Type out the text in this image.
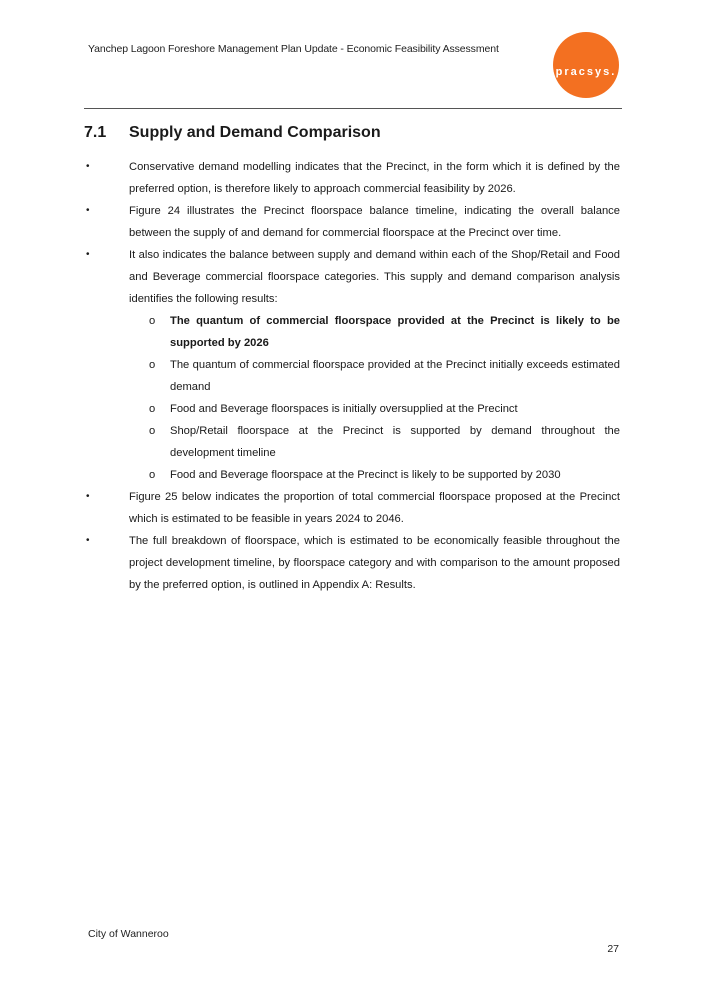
Yanchep Lagoon Foreshore Management Plan Update - Economic Feasibility Assessment
pracsys.
7.1 Supply and Demand Comparison
•	Conservative demand modelling indicates that the Precinct, in the form which it is defined by the preferred option, is therefore likely to approach commercial feasibility by 2026.
•	Figure 24 illustrates the Precinct floorspace balance timeline, indicating the overall balance between the supply of and demand for commercial floorspace at the Precinct over time.
•	It also indicates the balance between supply and demand within each of the Shop/Retail and Food and Beverage commercial floorspace categories. This supply and demand comparison analysis identifies the following results:
o The quantum of commercial floorspace provided at the Precinct is likely to be supported by 2026
o The quantum of commercial floorspace provided at the Precinct initially exceeds estimated demand
o Food and Beverage floorspaces is initially oversupplied at the Precinct
o Shop/Retail floorspace at the Precinct is supported by demand throughout the development timeline
o Food and Beverage floorspace at the Precinct is likely to be supported by 2030
•	Figure 25 below indicates the proportion of total commercial floorspace proposed at the Precinct which is estimated to be feasible in years 2024 to 2046.
•	The full breakdown of floorspace, which is estimated to be economically feasible throughout the project development timeline, by floorspace category and with comparison to the amount proposed by the preferred option, is outlined in Appendix A: Results.
City of Wanneroo
27
